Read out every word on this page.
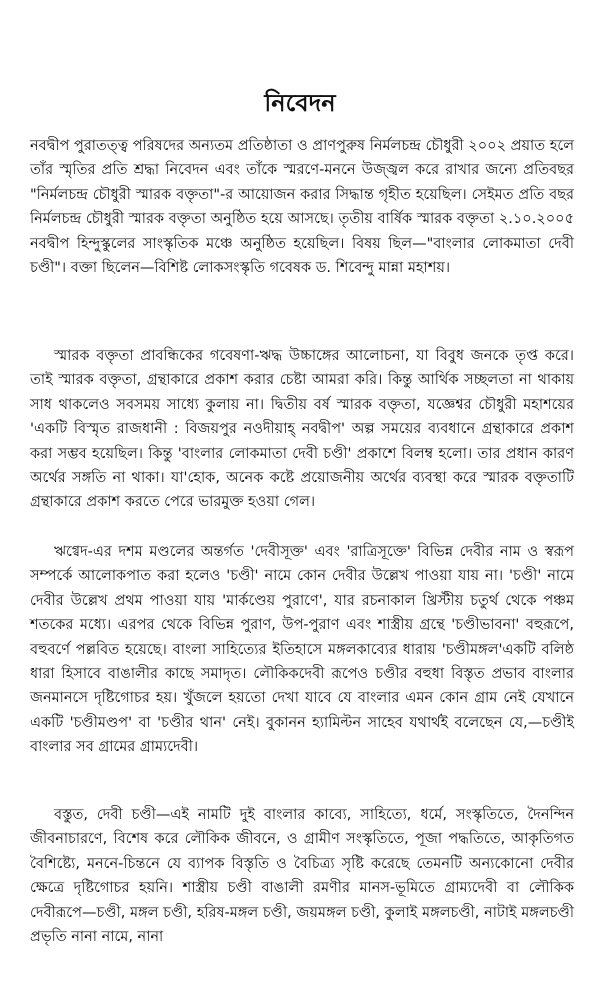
নিবেদন

নবদ্বীপ পুরাতত্ত্ব পরিষদের অন্যতম প্রতিষ্ঠাতা ও প্রাণপুরুষ নির্মলচন্দ্র চৌধুরী ২০০২ প্রয়াত হলে তাঁর স্মৃতির প্রতি শ্রদ্ধা নিবেদন এবং তাঁকে স্মরণে-মননে উজ্জ্বল করে রাখার জন্যে প্রতিবছর "নির্মলচন্দ্র চৌধুরী স্মারক বক্তৃতা"-র আয়োজন করার সিদ্ধান্ত গৃহীত হয়েছিল। সেইমত প্রতি বছর নির্মলচন্দ্র চৌধুরী স্মারক বক্তৃতা অনুষ্ঠিত হয়ে আসছে। তৃতীয় বার্ষিক স্মারক বক্তৃতা ২.১০.২০০৫ নবদ্বীপ হিন্দুস্কুলের সাংস্কৃতিক মঞ্চে অনুষ্ঠিত হয়েছিল। বিষয় ছিল—"বাংলার লোকমাতা দেবী চণ্ডী"। বক্তা ছিলেন—বিশিষ্ট লোকসংস্কৃতি গবেষক ড. শিবেন্দু মান্না মহাশয়।

স্মারক বক্তৃতা প্রাবন্ধিকের গবেষণা-ঋদ্ধ উচ্চাঙ্গের আলোচনা, যা বিবুধ জনকে তৃপ্ত করে। তাই স্মারক বক্তৃতা, গ্রন্থাকারে প্রকাশ করার চেষ্টা আমরা করি। কিন্তু আর্থিক সচ্ছলতা না থাকায় সাধ থাকলেও সবসময় সাধ্যে কুলায় না। দ্বিতীয় বর্ষ স্মারক বক্তৃতা, যজ্ঞেশ্বর চৌধুরী মহাশয়ের 'একটি বিস্মৃত রাজধানী : বিজয়পুর নওদীয়াহ্‌ নবদ্বীপ' অল্প সময়ের ব্যবধানে গ্রন্থাকারে প্রকাশ করা সম্ভব হয়েছিল। কিন্তু 'বাংলার লোকমাতা দেবী চণ্ডী' প্রকাশে বিলম্ব হলো। তার প্রধান কারণ অর্থের সঙ্গতি না থাকা। যা'হোক, অনেক কষ্টে প্রয়োজনীয় অর্থের ব্যবস্থা করে স্মারক বক্তৃতাটি গ্রন্থাকারে প্রকাশ করতে পেরে ভারমুক্ত হওয়া গেল।

ঋগ্বেদ-এর দশম মণ্ডলের অন্তর্গত 'দেবীসূক্ত' এবং 'রাত্রিসূক্তে' বিভিন্ন দেবীর নাম ও স্বরূপ সম্পর্কে আলোকপাত করা হলেও 'চণ্ডী' নামে কোন দেবীর উল্লেখ পাওয়া যায় না। 'চণ্ডী' নামে দেবীর উল্লেখ প্রথম পাওয়া যায় 'মার্কণ্ডেয় পুরাণে', যার রচনাকাল খ্রিস্টীয় চতুর্থ থেকে পঞ্চম শতকের মধ্যে। এরপর থেকে বিভিন্ন পুরাণ, উপ-পুরাণ এবং শাস্ত্রীয় গ্রন্থে 'চণ্ডীভাবনা' বহুরূপে, বহুবর্ণে পল্লবিত হয়েছে। বাংলা সাহিত্যের ইতিহাসে মঙ্গলকাব্যের ধারায় 'চণ্ডীমঙ্গল'একটি বলিষ্ঠ ধারা হিসাবে বাঙালীর কাছে সমাদৃত। লৌকিকদেবী রূপেও চণ্ডীর বহুধা বিস্তৃত প্রভাব বাংলার জনমানসে দৃষ্টিগোচর হয়। খুঁজলে হয়তো দেখা যাবে যে বাংলার এমন কোন গ্রাম নেই যেখানে একটি 'চণ্ডীমণ্ডপ' বা 'চণ্ডীর থান' নেই। বুকানন হ্যামিল্টন সাহেব যথার্থই বলেছেন যে,—চণ্ডীই বাংলার সব গ্রামের গ্রাম্যদেবী।

বস্তুত, দেবী চণ্ডী—এই নামটি দুই বাংলার কাব্যে, সাহিত্যে, ধর্মে, সংস্কৃতিতে, দৈনন্দিন জীবনাচারণে, বিশেষ করে লৌকিক জীবনে, ও গ্রামীণ সংস্কৃতিতে, পূজা পদ্ধতিতে, আকৃতিগত বৈশিষ্ট্যে, মননে-চিন্তনে যে ব্যাপক বিস্তৃতি ও বৈচিত্র্য সৃষ্টি করেছে তেমনটি অন্যকোনো দেবীর ক্ষেত্রে দৃষ্টিগোচর হয়নি। শাস্ত্রীয় চণ্ডী বাঙালী রমণীর মানস-ভূমিতে গ্রাম্যদেবী বা লৌকিক দেবীরূপে—চণ্ডী, মঙ্গল চণ্ডী, হরিষ-মঙ্গল চণ্ডী, জয়মঙ্গল চণ্ডী, কুলাই মঙ্গলচণ্ডী, নাটাই মঙ্গলচণ্ডী প্রভৃতি নানা নামে, নানা
